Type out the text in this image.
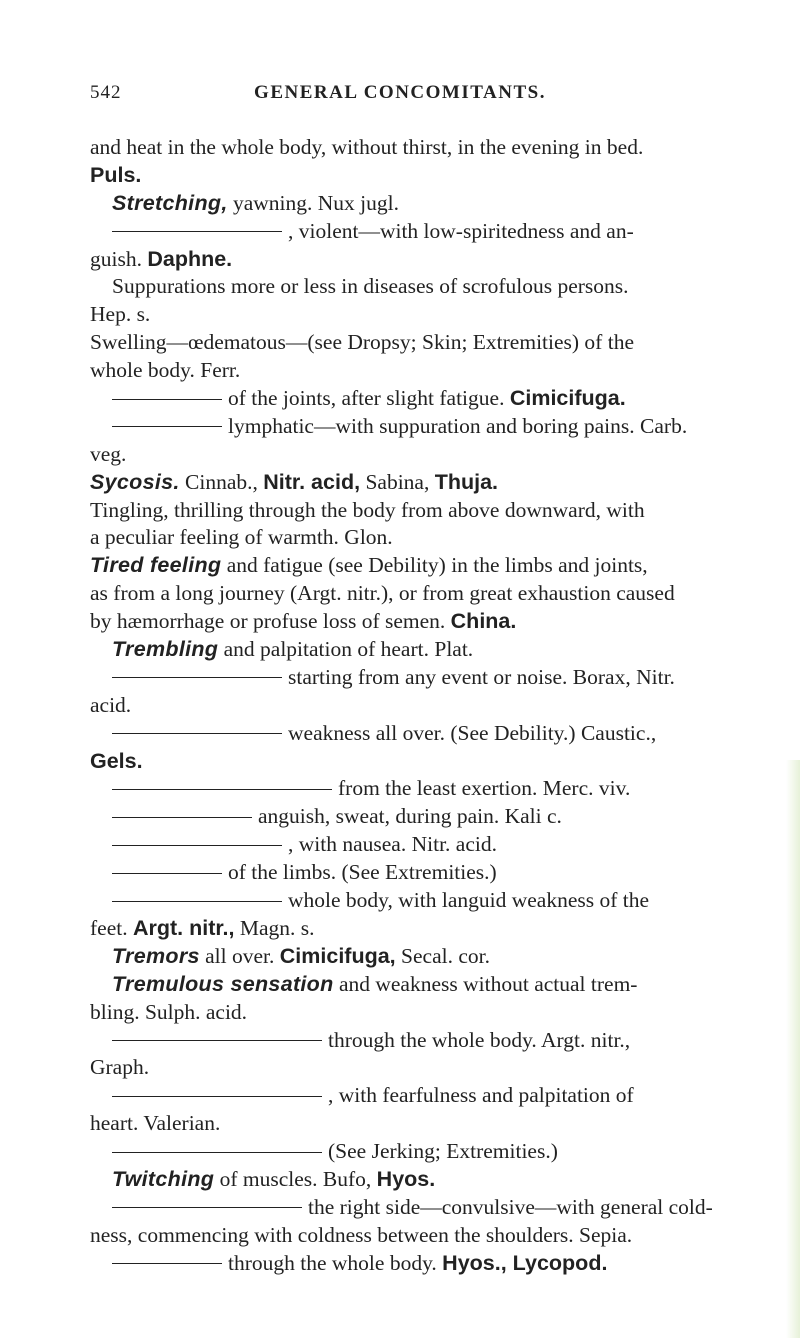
542	GENERAL CONCOMITANTS.
and heat in the whole body, without thirst, in the evening in bed.
Puls.
Stretching, yawning. Nux jugl.
, violent—with low-spiritedness and an-
guish. Daphne.
Suppurations more or less in diseases of scrofulous persons.
Hep. s.
Swelling—œdematous—(see Dropsy; Skin; Extremities) of the
whole body. Ferr.
of the joints, after slight fatigue. Cimicifuga.
lymphatic—with suppuration and boring pains. Carb.
veg.
Sycosis. Cinnab., Nitr. acid, Sabina, Thuja.
Tingling, thrilling through the body from above downward, with
a peculiar feeling of warmth. Glon.
Tired feeling and fatigue (see Debility) in the limbs and joints,
as from a long journey (Argt. nitr.), or from great exhaustion caused
by hæmorrhage or profuse loss of semen. China.
Trembling and palpitation of heart. Plat.
starting from any event or noise. Borax, Nitr.
acid.
weakness all over. (See Debility.) Caustic.,
Gels.
from the least exertion. Merc. viv.
anguish, sweat, during pain. Kali c.
, with nausea. Nitr. acid.
of the limbs. (See Extremities.)
whole body, with languid weakness of the
feet. Argt. nitr., Magn. s.
Tremors all over. Cimicifuga, Secal. cor.
Tremulous sensation and weakness without actual trem-
bling. Sulph. acid.
through the whole body. Argt. nitr.,
Graph.
, with fearfulness and palpitation of
heart. Valerian.
(See Jerking; Extremities.)
Twitching of muscles. Bufo, Hyos.
the right side—convulsive—with general cold-
ness, commencing with coldness between the shoulders. Sepia.
through the whole body. Hyos., Lycopod.
